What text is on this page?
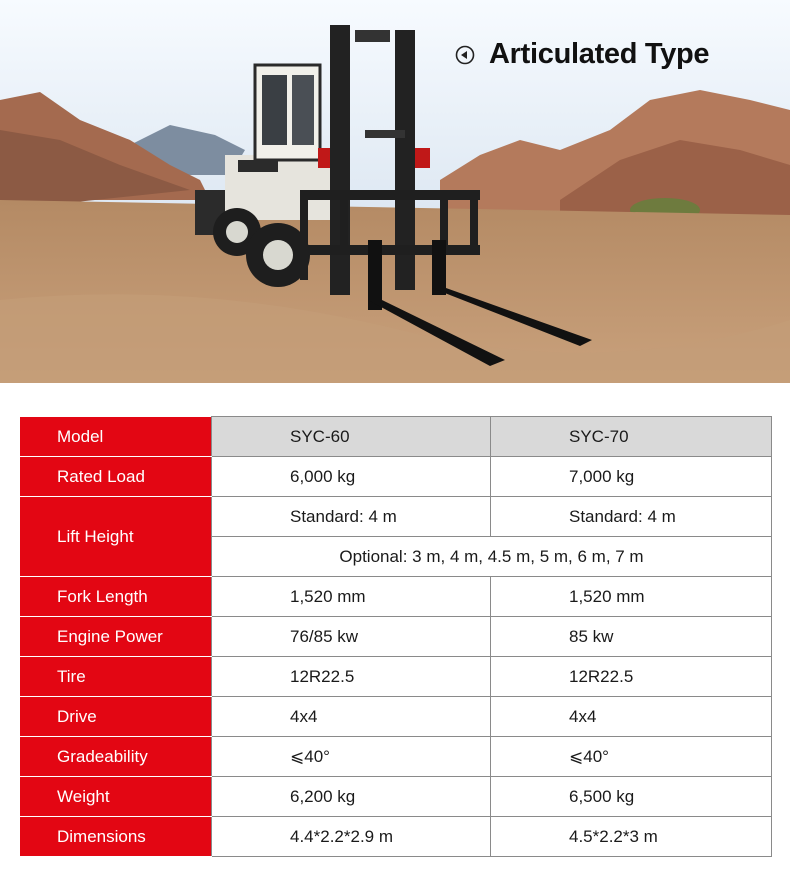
Articulated Type
Model	SYC-60	SYC-70
Rated Load	6,000 kg	7,000 kg
Lift Height	Standard: 4 m	Standard: 4 m
	Optional: 3 m, 4 m, 4.5 m, 5 m, 6 m, 7 m	
Fork Length	1,520 mm	1,520 mm
Engine Power	76/85 kw	85 kw
Tire	12R22.5	12R22.5
Drive	4x4	4x4
Gradeability	⩽40°	⩽40°
Weight	6,200 kg	6,500 kg
Dimensions	4.4*2.2*2.9 m	4.5*2.2*3 m
